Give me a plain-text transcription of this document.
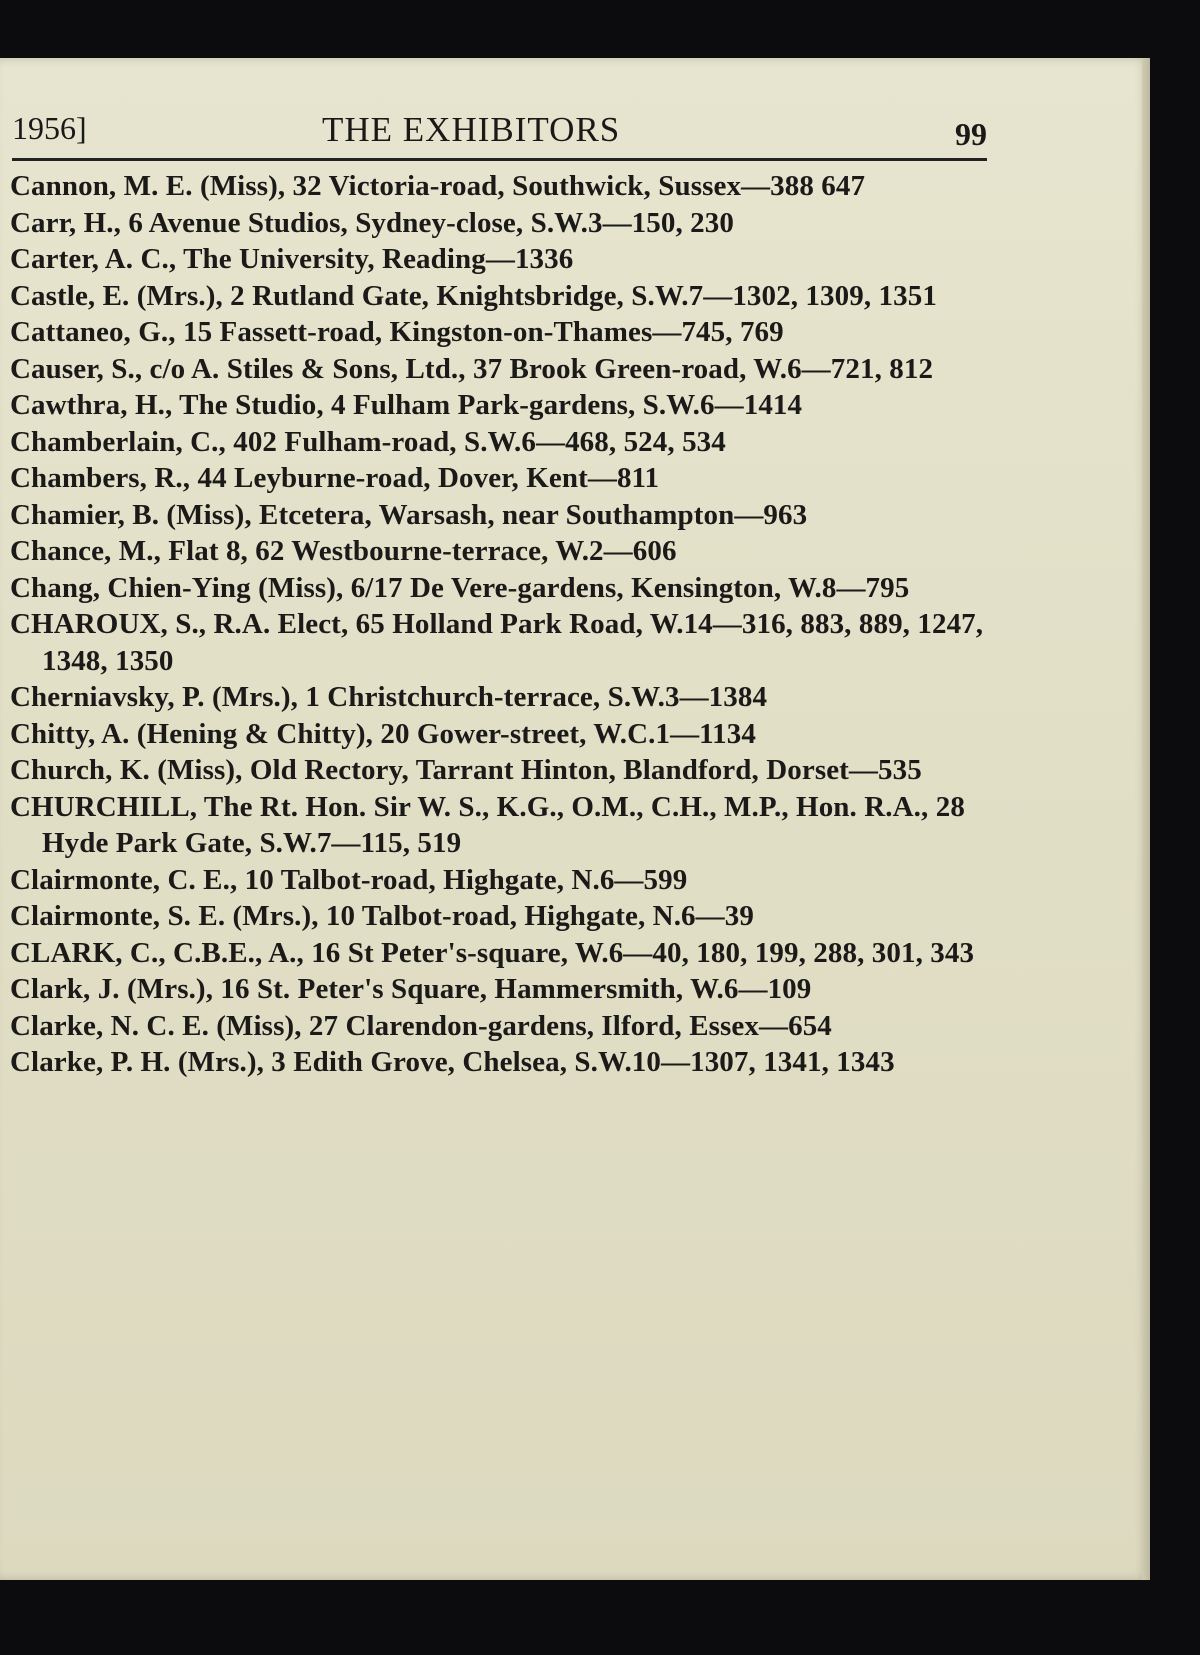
1956]	THE EXHIBITORS	99
Cannon, M. E. (Miss), 32 Victoria-road, Southwick, Sussex—388 647
Carr, H., 6 Avenue Studios, Sydney-close, S.W.3—150, 230
Carter, A. C., The University, Reading—1336
Castle, E. (Mrs.), 2 Rutland Gate, Knightsbridge, S.W.7—1302, 1309, 1351
Cattaneo, G., 15 Fassett-road, Kingston-on-Thames—745, 769
Causer, S., c/o A. Stiles & Sons, Ltd., 37 Brook Green-road, W.6—721, 812
Cawthra, H., The Studio, 4 Fulham Park-gardens, S.W.6—1414
Chamberlain, C., 402 Fulham-road, S.W.6—468, 524, 534
Chambers, R., 44 Leyburne-road, Dover, Kent—811
Chamier, B. (Miss), Etcetera, Warsash, near Southampton—963
Chance, M., Flat 8, 62 Westbourne-terrace, W.2—606
Chang, Chien-Ying (Miss), 6/17 De Vere-gardens, Kensington, W.8—795
CHAROUX, S., R.A. Elect, 65 Holland Park Road, W.14—316, 883, 889, 1247, 1348, 1350
Cherniavsky, P. (Mrs.), 1 Christchurch-terrace, S.W.3—1384
Chitty, A. (Hening & Chitty), 20 Gower-street, W.C.1—1134
Church, K. (Miss), Old Rectory, Tarrant Hinton, Blandford, Dorset—535
CHURCHILL, The Rt. Hon. Sir W. S., K.G., O.M., C.H., M.P., Hon. R.A., 28 Hyde Park Gate, S.W.7—115, 519
Clairmonte, C. E., 10 Talbot-road, Highgate, N.6—599
Clairmonte, S. E. (Mrs.), 10 Talbot-road, Highgate, N.6—39
CLARK, C., C.B.E., A., 16 St Peter's-square, W.6—40, 180, 199, 288, 301, 343
Clark, J. (Mrs.), 16 St. Peter's Square, Hammersmith, W.6—109
Clarke, N. C. E. (Miss), 27 Clarendon-gardens, Ilford, Essex—654
Clarke, P. H. (Mrs.), 3 Edith Grove, Chelsea, S.W.10—1307, 1341, 1343
